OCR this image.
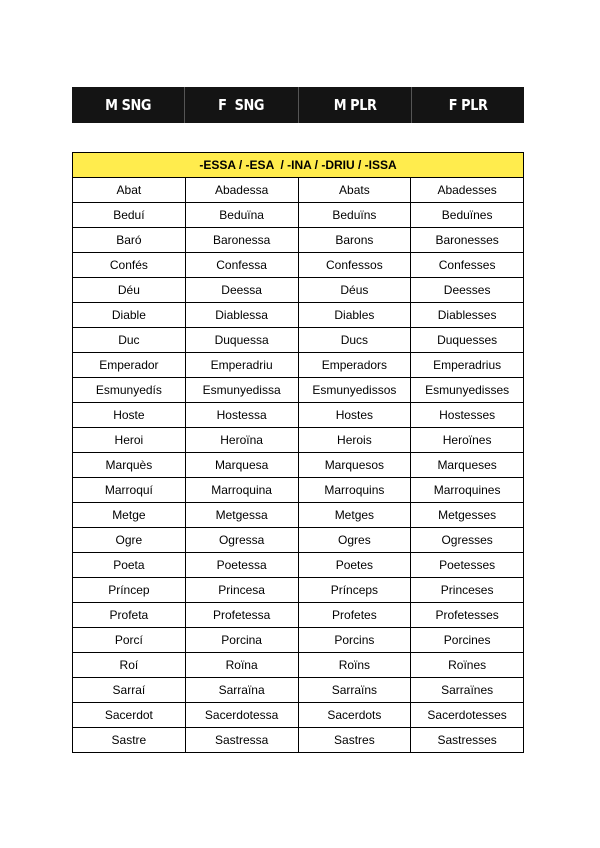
M SNG	F  SNG	M PLR	F PLR
-ESSA / -ESA  / -INA / -DRIU / -ISSA			
Abat	Abadessa	Abats	Abadesses
Beduí	Beduïna	Beduïns	Beduïnes
Baró	Baronessa	Barons	Baronesses
Confés	Confessa	Confessos	Confesses
Déu	Deessa	Déus	Deesses
Diable	Diablessa	Diables	Diablesses
Duc	Duquessa	Ducs	Duquesses
Emperador	Emperadriu	Emperadors	Emperadrius
Esmunyedís	Esmunyedissa	Esmunyedissos	Esmunyedisses
Hoste	Hostessa	Hostes	Hostesses
Heroi	Heroïna	Herois	Heroïnes
Marquès	Marquesa	Marquesos	Marqueses
Marroquí	Marroquina	Marroquins	Marroquines
Metge	Metgessa	Metges	Metgesses
Ogre	Ogressa	Ogres	Ogresses
Poeta	Poetessa	Poetes	Poetesses
Príncep	Princesa	Prínceps	Princeses
Profeta	Profetessa	Profetes	Profetesses
Porcí	Porcina	Porcins	Porcines
Roí	Roïna	Roïns	Roïnes
Sarraí	Sarraïna	Sarraïns	Sarraïnes
Sacerdot	Sacerdotessa	Sacerdots	Sacerdotesses
Sastre	Sastressa	Sastres	Sastresses
